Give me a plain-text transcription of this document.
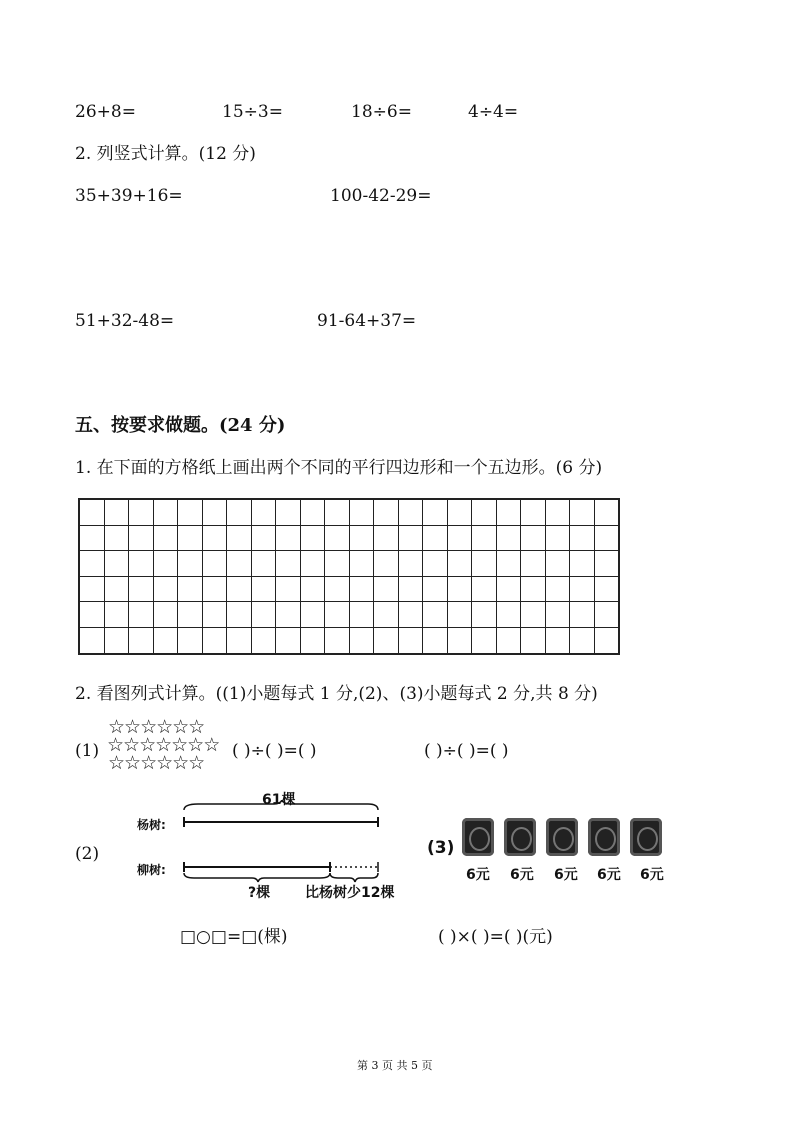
26+8=	15÷3=	18÷6=	4÷4=
2. 列竖式计算。(12 分)
35+39+16=	100-42-29=
51+32-48=	91-64+37=
五、按要求做题。(24 分)
1. 在下面的方格纸上画出两个不同的平行四边形和一个五边形。(6 分)

2. 看图列式计算。((1)小题每式 1 分,(2)、(3)小题每式 2 分,共 8 分)
(1)
☆☆☆☆☆☆
☆☆☆☆☆☆☆
☆☆☆☆☆☆
( )÷( )=( )	( )÷( )=( )
(2)
61棵
杨树:
柳树:
?棵 比杨树少12棵
□○□=□(棵)
(3)
6元 6元 6元 6元 6元
( )×( )=( )(元)
第 3 页 共 5 页
